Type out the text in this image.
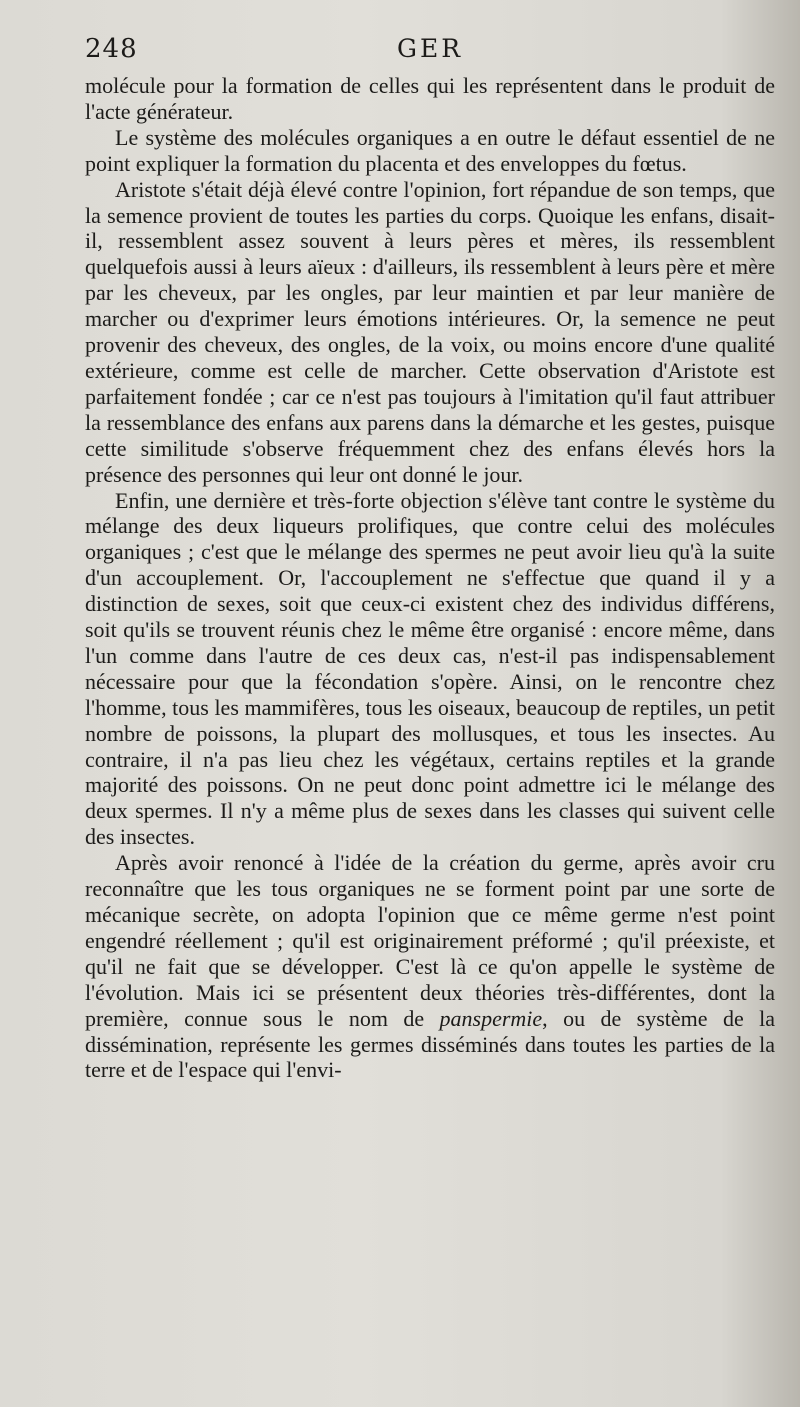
248	GER

molécule pour la formation de celles qui les représentent dans le produit de l'acte générateur.

Le système des molécules organiques a en outre le défaut essentiel de ne point expliquer la formation du placenta et des enveloppes du fœtus.

Aristote s'était déjà élevé contre l'opinion, fort répandue de son temps, que la semence provient de toutes les parties du corps. Quoique les enfans, disait-il, ressemblent assez souvent à leurs pères et mères, ils ressemblent quelquefois aussi à leurs aïeux : d'ailleurs, ils ressemblent à leurs père et mère par les cheveux, par les ongles, par leur maintien et par leur manière de marcher ou d'exprimer leurs émotions intérieures. Or, la semence ne peut provenir des cheveux, des ongles, de la voix, ou moins encore d'une qualité extérieure, comme est celle de marcher. Cette observation d'Aristote est parfaitement fondée ; car ce n'est pas toujours à l'imitation qu'il faut attribuer la ressemblance des enfans aux parens dans la démarche et les gestes, puisque cette similitude s'observe fréquemment chez des enfans élevés hors la présence des personnes qui leur ont donné le jour.

Enfin, une dernière et très-forte objection s'élève tant contre le système du mélange des deux liqueurs prolifiques, que contre celui des molécules organiques ; c'est que le mélange des spermes ne peut avoir lieu qu'à la suite d'un accouplement. Or, l'accouplement ne s'effectue que quand il y a distinction de sexes, soit que ceux-ci existent chez des individus différens, soit qu'ils se trouvent réunis chez le même être organisé : encore même, dans l'un comme dans l'autre de ces deux cas, n'est-il pas indispensablement nécessaire pour que la fécondation s'opère. Ainsi, on le rencontre chez l'homme, tous les mammifères, tous les oiseaux, beaucoup de reptiles, un petit nombre de poissons, la plupart des mollusques, et tous les insectes. Au contraire, il n'a pas lieu chez les végétaux, certains reptiles et la grande majorité des poissons. On ne peut donc point admettre ici le mélange des deux spermes. Il n'y a même plus de sexes dans les classes qui suivent celle des insectes.

Après avoir renoncé à l'idée de la création du germe, après avoir cru reconnaître que les tous organiques ne se forment point par une sorte de mécanique secrète, on adopta l'opinion que ce même germe n'est point engendré réellement ; qu'il est originairement préformé ; qu'il préexiste, et qu'il ne fait que se développer. C'est là ce qu'on appelle le système de l'évolution. Mais ici se présentent deux théories très-différentes, dont la première, connue sous le nom de panspermie, ou de système de la dissémination, représente les germes disséminés dans toutes les parties de la terre et de l'espace qui l'envi-
